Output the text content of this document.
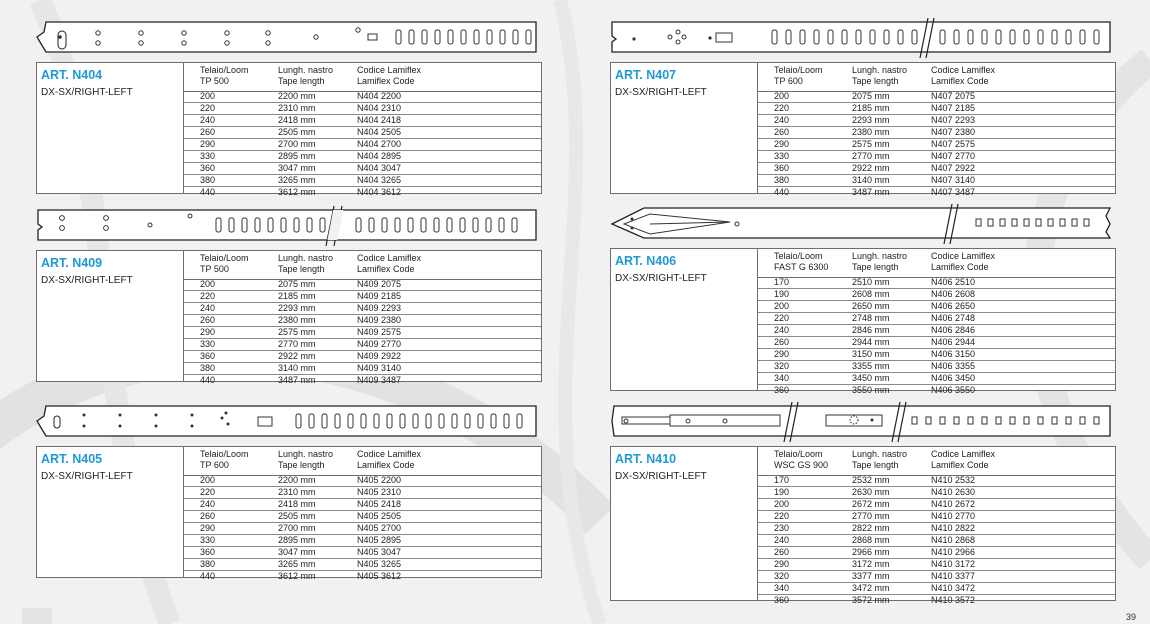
ART. N404
DX-SX/RIGHT-LEFT
Telaio/Loom
TP 500
Lungh. nastro
Tape length
Codice Lamiflex
Lamiflex Code
200	2200 mm	N404 2200
220	2310 mm	N404 2310
240	2418 mm	N404 2418
260	2505 mm	N404 2505
290	2700 mm	N404 2700
330	2895 mm	N404 2895
360	3047 mm	N404 3047
380	3265 mm	N404 3265
440	3612 mm	N404 3612
ART. N409
DX-SX/RIGHT-LEFT
Telaio/Loom
TP 500
Lungh. nastro
Tape length
Codice Lamiflex
Lamiflex Code
200	2075 mm	N409 2075
220	2185 mm	N409 2185
240	2293 mm	N409 2293
260	2380 mm	N409 2380
290	2575 mm	N409 2575
330	2770 mm	N409 2770
360	2922 mm	N409 2922
380	3140 mm	N409 3140
440	3487 mm	N409 3487
ART. N405
DX-SX/RIGHT-LEFT
Telaio/Loom
TP 600
Lungh. nastro
Tape length
Codice Lamiflex
Lamiflex Code
200	2200 mm	N405 2200
220	2310 mm	N405 2310
240	2418 mm	N405 2418
260	2505 mm	N405 2505
290	2700 mm	N405 2700
330	2895 mm	N405 2895
360	3047 mm	N405 3047
380	3265 mm	N405 3265
440	3612 mm	N405 3612
ART. N407
DX-SX/RIGHT-LEFT
Telaio/Loom
TP 600
Lungh. nastro
Tape length
Codice Lamiflex
Lamiflex Code
200	2075 mm	N407 2075
220	2185 mm	N407 2185
240	2293 mm	N407 2293
260	2380 mm	N407 2380
290	2575 mm	N407 2575
330	2770 mm	N407 2770
360	2922 mm	N407 2922
380	3140 mm	N407 3140
440	3487 mm	N407 3487
ART. N406
DX-SX/RIGHT-LEFT
Telaio/Loom
FAST G 6300
Lungh. nastro
Tape length
Codice Lamiflex
Lamiflex Code
170	2510 mm	N406 2510
190	2608 mm	N406 2608
200	2650 mm	N406 2650
220	2748 mm	N406 2748
240	2846 mm	N406 2846
260	2944 mm	N406 2944
290	3150 mm	N406 3150
320	3355 mm	N406 3355
340	3450 mm	N406 3450
360	3550 mm	N406 3550
ART. N410
DX-SX/RIGHT-LEFT
Telaio/Loom
WSC GS 900
Lungh. nastro
Tape length
Codice Lamiflex
Lamiflex Code
170	2532 mm	N410 2532
190	2630 mm	N410 2630
200	2672 mm	N410 2672
220	2770 mm	N410 2770
230	2822 mm	N410 2822
240	2868 mm	N410 2868
260	2966 mm	N410 2966
290	3172 mm	N410 3172
320	3377 mm	N410 3377
340	3472 mm	N410 3472
360	3572 mm	N410 3572
39
